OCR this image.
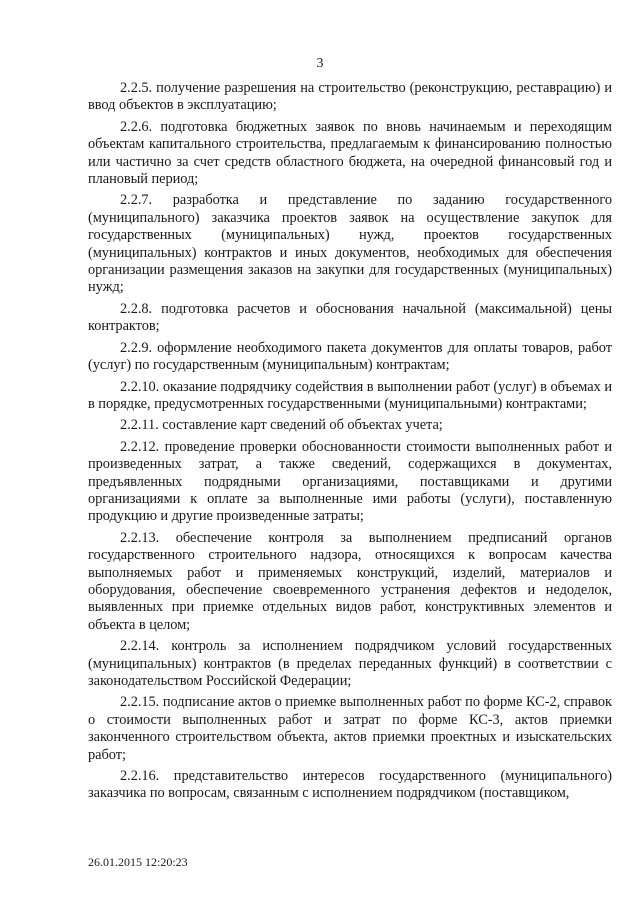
3

2.2.5. получение разрешения на строительство (реконструкцию, реставрацию) и ввод объектов в эксплуатацию;

2.2.6. подготовка бюджетных заявок по вновь начинаемым и переходящим объектам капитального строительства, предлагаемым к финансированию полностью или частично за счет средств областного бюджета, на очередной финансовый год и плановый период;

2.2.7. разработка и представление по заданию государственного (муниципального) заказчика проектов заявок на осуществление закупок для государственных (муниципальных) нужд, проектов государственных (муниципальных) контрактов и иных документов, необходимых для обеспечения организации размещения заказов на закупки для государственных (муниципальных) нужд;

2.2.8. подготовка расчетов и обоснования начальной (максимальной) цены контрактов;

2.2.9. оформление необходимого пакета документов для оплаты товаров, работ (услуг) по государственным (муниципальным) контрактам;

2.2.10. оказание подрядчику содействия в выполнении работ (услуг) в объемах и в порядке, предусмотренных государственными (муниципальными) контрактами;

2.2.11. составление карт сведений об объектах учета;

2.2.12. проведение проверки обоснованности стоимости выполненных работ и произведенных затрат, а также сведений, содержащихся в документах, предъявленных подрядными организациями, поставщиками и другими организациями к оплате за выполненные ими работы (услуги), поставленную продукцию и другие произведенные затраты;

2.2.13. обеспечение контроля за выполнением предписаний органов государственного строительного надзора, относящихся к вопросам качества выполняемых работ и применяемых конструкций, изделий, материалов и оборудования, обеспечение своевременного устранения дефектов и недоделок, выявленных при приемке отдельных видов работ, конструктивных элементов и объекта в целом;

2.2.14. контроль за исполнением подрядчиком условий государственных (муниципальных) контрактов (в пределах переданных функций) в соответствии с законодательством Российской Федерации;

2.2.15. подписание актов о приемке выполненных работ по форме КС-2, справок о стоимости выполненных работ и затрат по форме КС-3, актов приемки законченного строительством объекта, актов приемки проектных и изыскательских работ;

2.2.16. представительство интересов государственного (муниципального) заказчика по вопросам, связанным с исполнением подрядчиком (поставщиком,

26.01.2015 12:20:23
